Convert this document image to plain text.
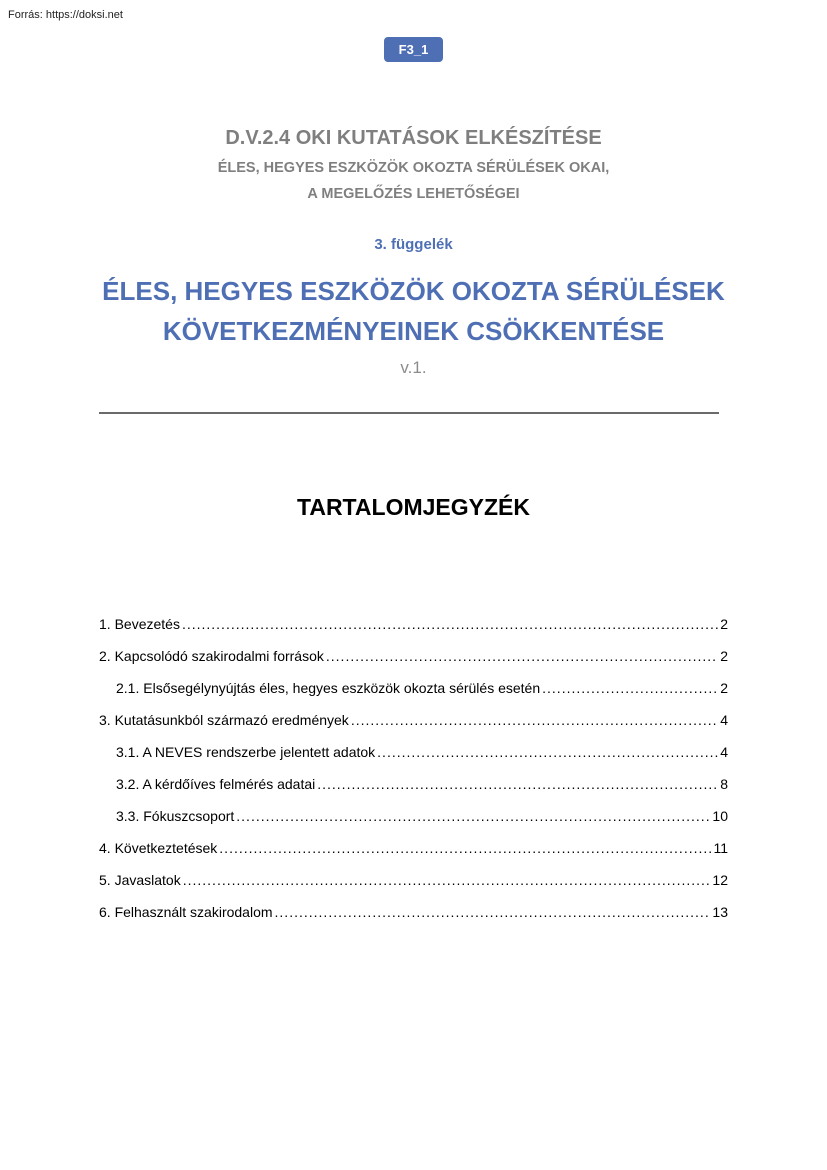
Forrás: https://doksi.net
F3_1
D.V.2.4 OKI KUTATÁSOK ELKÉSZÍTÉSE
ÉLES, HEGYES ESZKÖZÖK OKOZTA SÉRÜLÉSEK OKAI,
A MEGELŐZÉS LEHETŐSÉGEI
3. függelék
ÉLES, HEGYES ESZKÖZÖK OKOZTA SÉRÜLÉSEK
KÖVETKEZMÉNYEINEK CSÖKKENTÉSE
v.1.
TARTALOMJEGYZÉK
1. Bevezetés .....	2
2. Kapcsolódó szakirodalmi források .....	2
2.1. Elsősegélynyújtás éles, hegyes eszközök okozta sérülés esetén .....	2
3. Kutatásunkból származó eredmények .....	4
3.1. A NEVES rendszerbe jelentett adatok .....	4
3.2. A kérdőíves felmérés adatai .....	8
3.3. Fókuszcsoport .....	10
4. Következtetések .....	11
5. Javaslatok .....	12
6. Felhasznált szakirodalom .....	13
